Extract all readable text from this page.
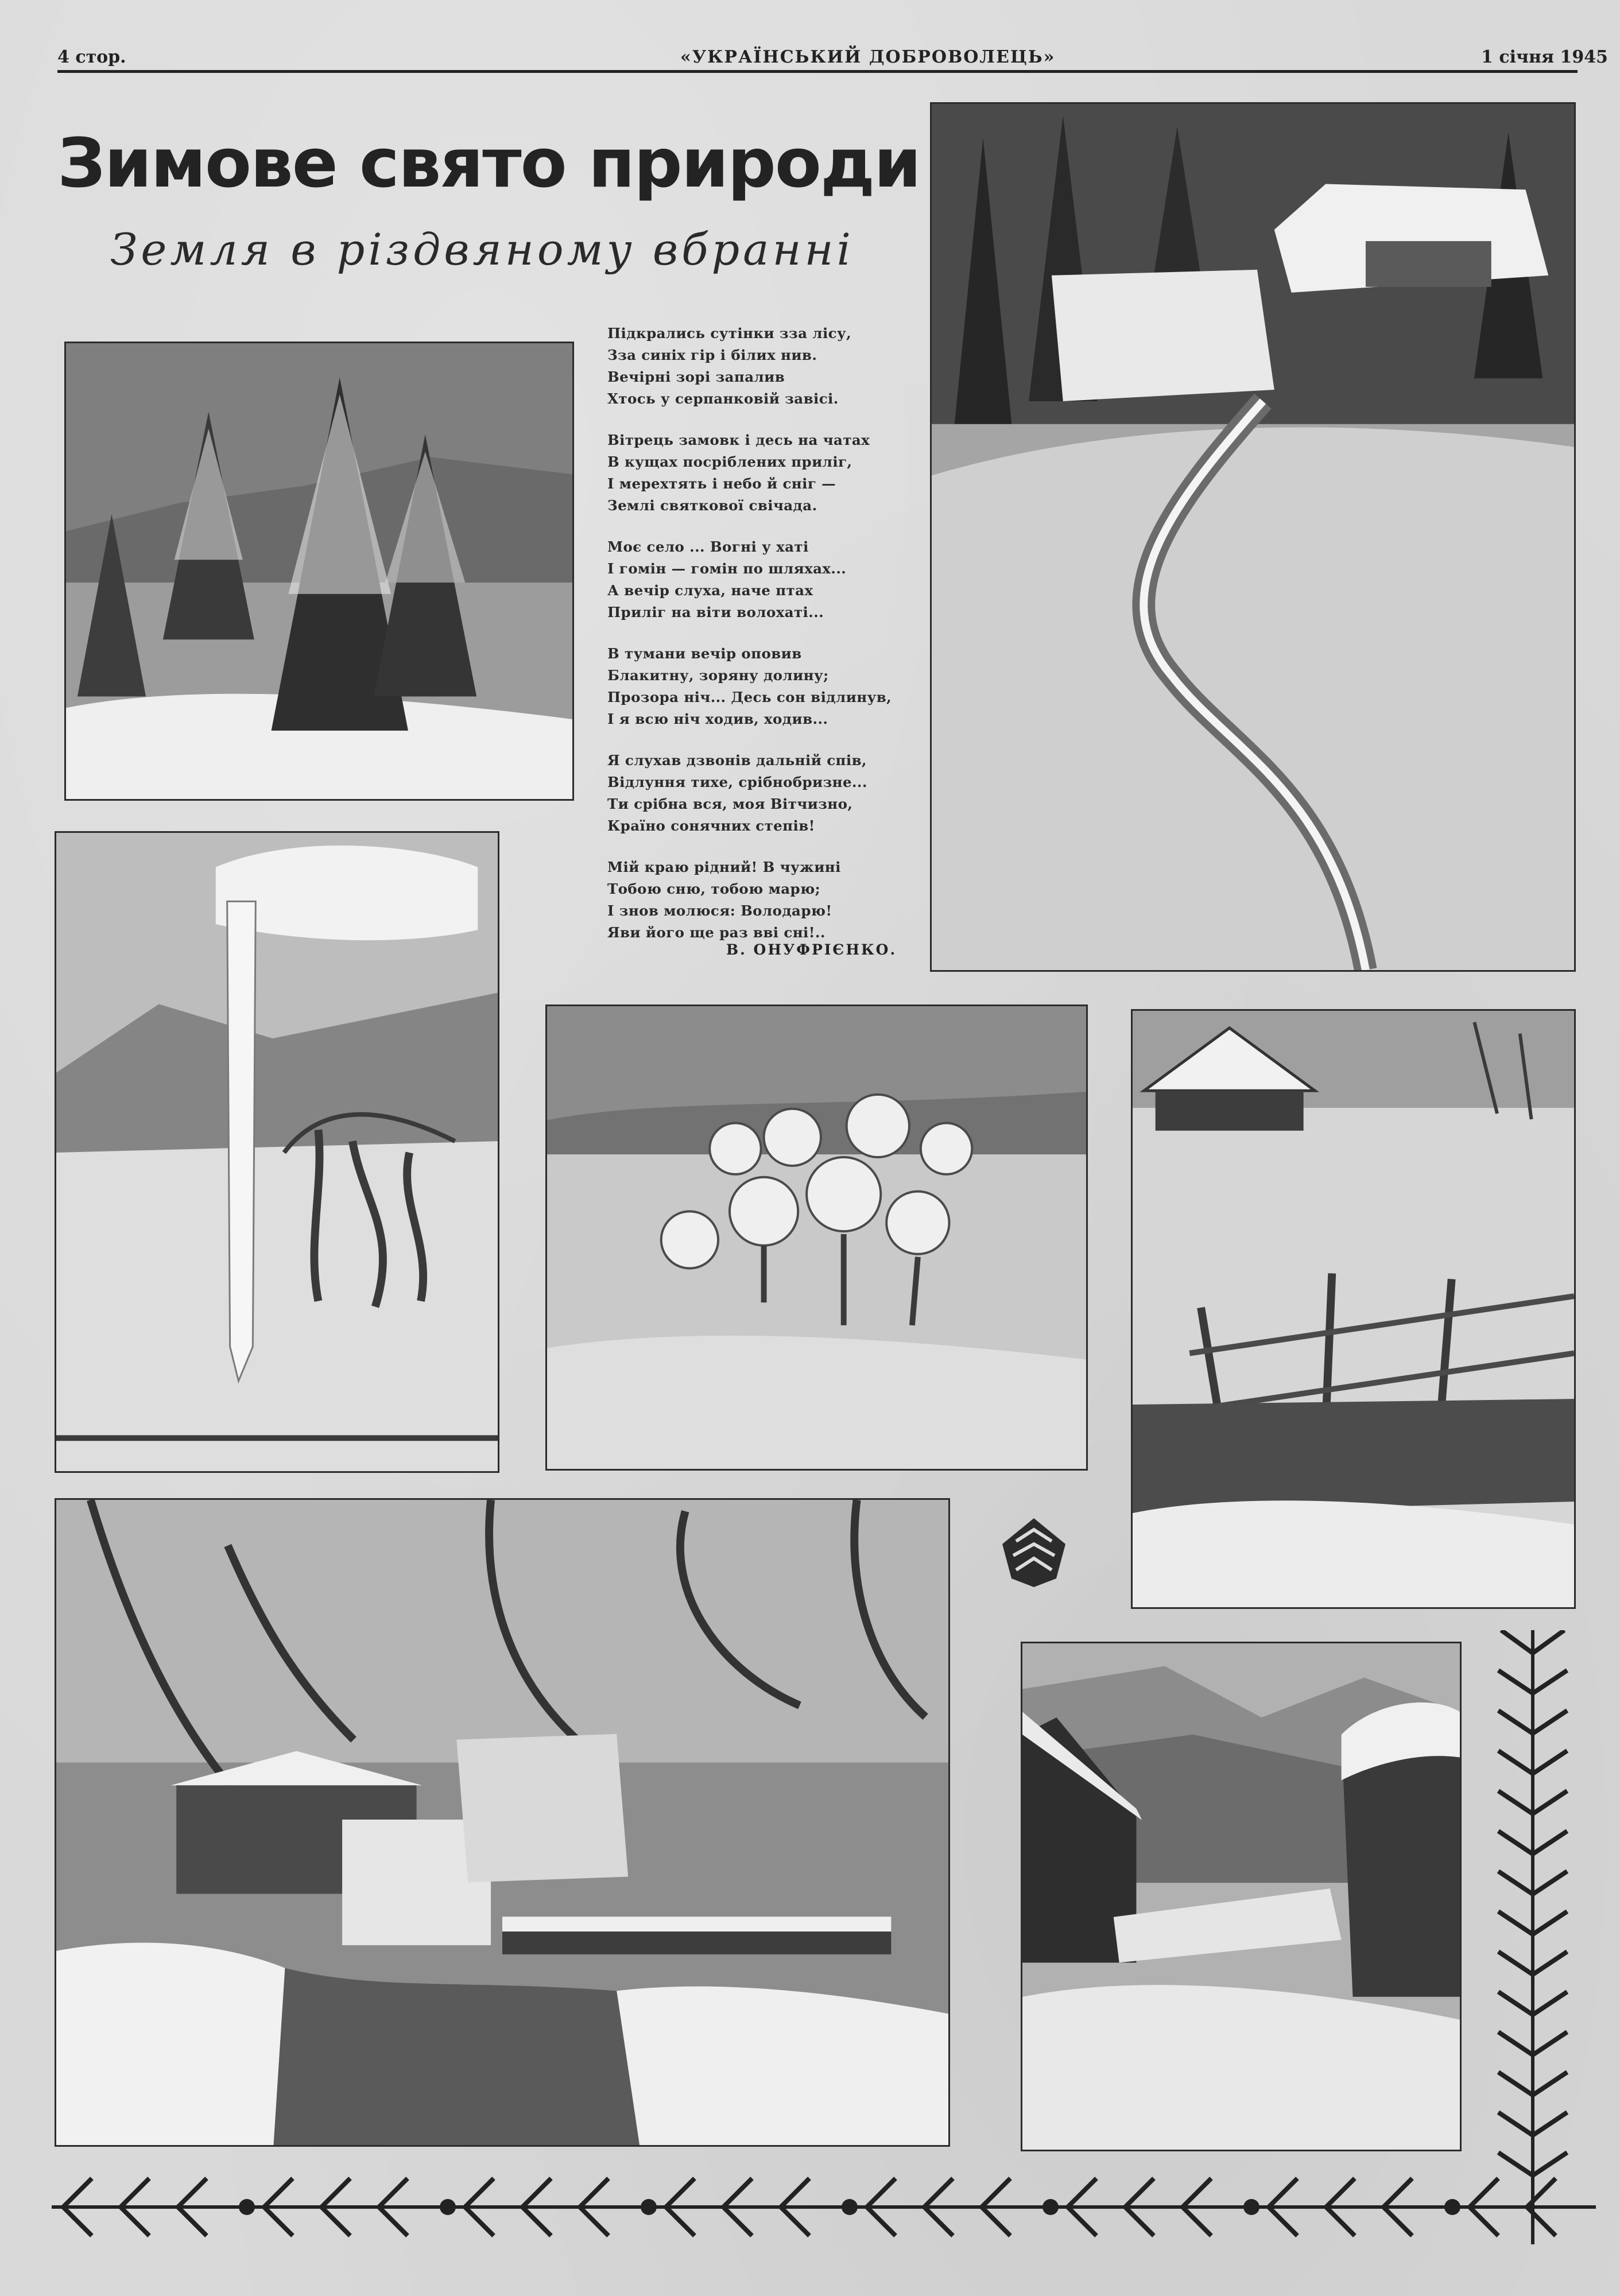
4 стор.	«УКРАЇНСЬКИЙ ДОБРОВОЛЕЦЬ»	1 січня 1945
Зимове свято природи
Земля в різдвяному вбранні
Підкрались сутінки зза лісу,
Зза синіх гір і білих нив.
Вечірні зорі запалив
Хтось у серпанковій завісі.
Вітрець замовк і десь на чатах
В кущах посріблених приліг,
І мерехтять і небо й сніг —
Землі святкової свічада.
Моє село ... Вогні у хаті
І гомін — гомін по шляхах...
А вечір слуха, наче птах
Приліг на віти волохаті...
В тумани вечір оповив
Блакитну, зоряну долину;
Прозора ніч... Десь сон відлинув,
І я всю ніч ходив, ходив...
Я слухав дзвонів дальній спів,
Відлуння тихе, срібнобризне...
Ти срібна вся, моя Вітчизно,
Країно сонячних степів!
Мій краю рідний! В чужині
Тобою сню, тобою марю;
І знов молюся: Володарю!
Яви його ще раз вві сні!..
В. ОНУФРІЄНКО.
